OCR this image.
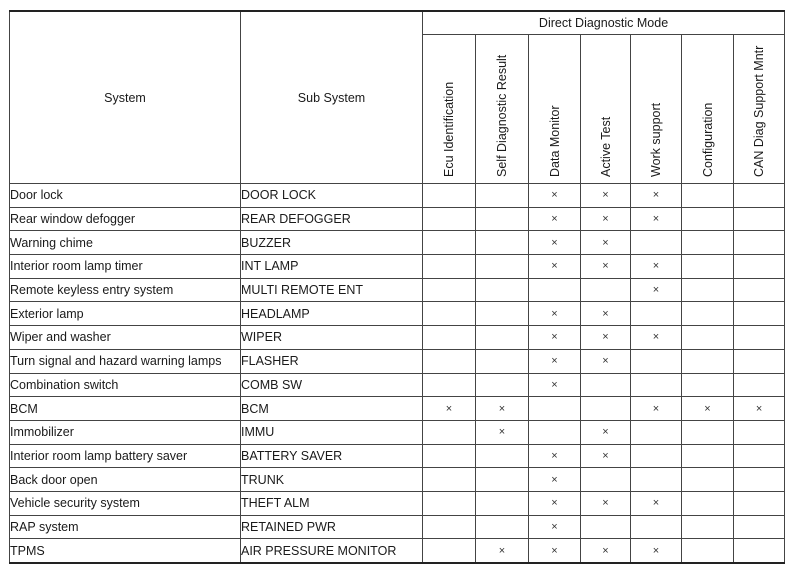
System	Sub System	Direct Diagnostic Mode						

		Ecu Identification	Self Diagnostic Result	Data Monitor	Active Test	Work support	Configuration	CAN Diag Support Mntr

Door lock	DOOR LOCK			×	×	×		
Rear window defogger	REAR DEFOGGER			×	×	×		
Warning chime	BUZZER			×	×			
Interior room lamp timer	INT LAMP			×	×	×		
Remote keyless entry system	MULTI REMOTE ENT					×		
Exterior lamp	HEADLAMP			×	×			
Wiper and washer	WIPER			×	×	×		
Turn signal and hazard warning lamps	FLASHER			×	×			
Combination switch	COMB SW			×				
BCM	BCM	×	×			×	×	×
Immobilizer	IMMU		×		×			
Interior room lamp battery saver	BATTERY SAVER			×	×			
Back door open	TRUNK			×				
Vehicle security system	THEFT ALM			×	×	×		
RAP system	RETAINED PWR			×				
TPMS	AIR PRESSURE MONITOR		×	×	×	×		
